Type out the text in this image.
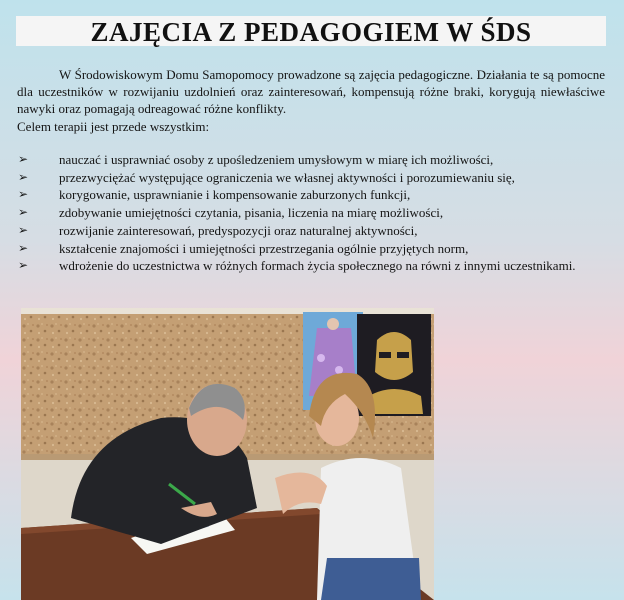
ZAJĘCIA Z PEDAGOGIEM W ŚDS

W Środowiskowym Domu Samopomocy prowadzone są zajęcia pedagogiczne. Działania te są pomocne dla uczestników w rozwijaniu uzdolnień oraz zainteresowań, kompensują różne braki, korygują niewłaściwe nawyki oraz pomagają odreagować różne konflikty.

Celem terapii jest przede wszystkim:

➢ nauczać i usprawniać osoby z upośledzeniem umysłowym w miarę ich możliwości,
➢ przezwyciężać występujące ograniczenia we własnej aktywności i porozumiewaniu się,
➢ korygowanie, usprawnianie i kompensowanie zaburzonych funkcji,
➢ zdobywanie umiejętności czytania, pisania, liczenia na miarę możliwości,
➢ rozwijanie zainteresowań, predyspozycji oraz naturalnej aktywności,
➢ kształcenie znajomości i umiejętności przestrzegania ogólnie przyjętych norm,
➢ wdrożenie do uczestnictwa w różnych formach życia społecznego na równi z innymi uczestnikami.
